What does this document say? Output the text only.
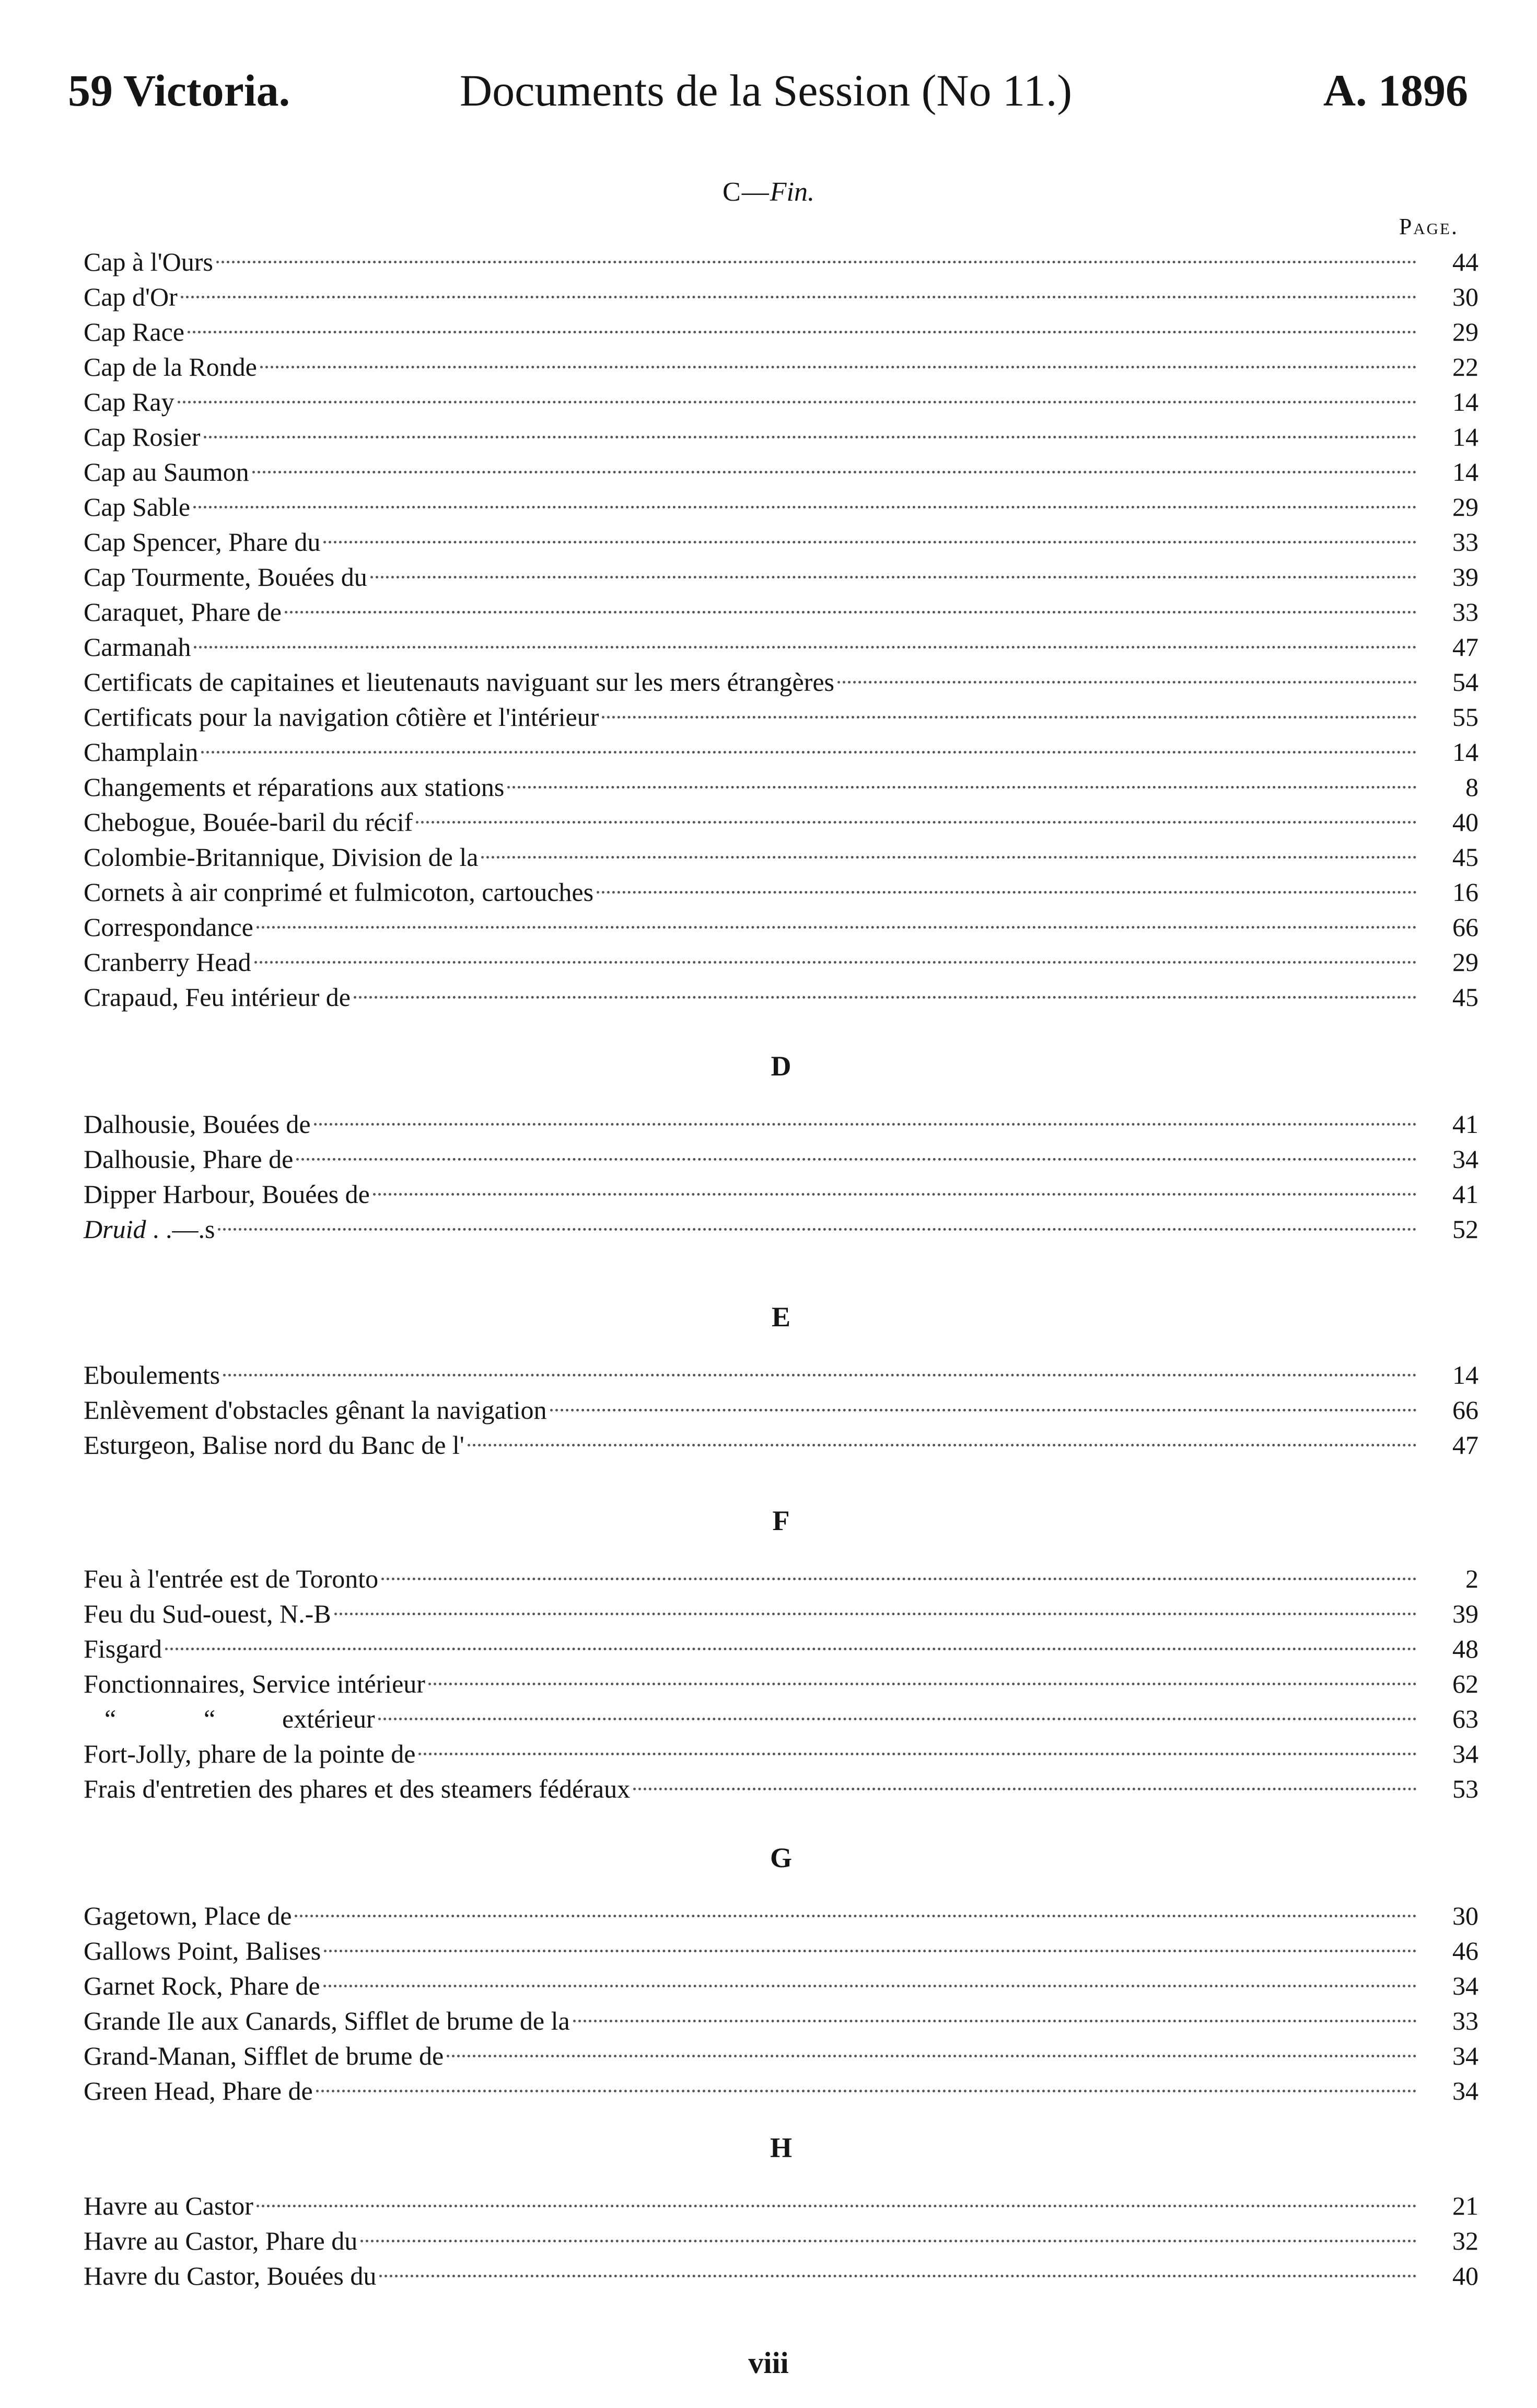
59 Victoria.	Documents de la Session (No 11.)	A. 1896
C—Fin.
Page.
Cap à l'Ours	44
Cap d'Or	30
Cap Race	29
Cap de la Ronde	22
Cap Ray	14
Cap Rosier	14
Cap au Saumon	14
Cap Sable	29
Cap Spencer, Phare du	33
Cap Tourmente, Bouées du	39
Caraquet, Phare de	33
Carmanah	47
Certificats de capitaines et lieutenauts naviguant sur les mers étrangères	54
Certificats pour la navigation côtière et l'intérieur	55
Champlain	14
Changements et réparations aux stations	8
Chebogue, Bouée-baril du récif	40
Colombie-Britannique, Division de la	45
Cornets à air conprimé et fulmicoton, cartouches	16
Correspondance	66
Cranberry Head	29
Crapaud, Feu intérieur de	45
D
Dalhousie, Bouées de	41
Dalhousie, Phare de	34
Dipper Harbour, Bouées de	41
Druid . .—.s	52
E
Eboulements	14
Enlèvement d'obstacles gênant la navigation	66
Esturgeon, Balise nord du Banc de l'	47
F
Feu à l'entrée est de Toronto	2
Feu du Sud-ouest, N.-B	39
Fisgard	48
Fonctionnaires, Service intérieur	62
“	“	extérieur	63
Fort-Jolly, phare de la pointe de	34
Frais d'entretien des phares et des steamers fédéraux	53
G
Gagetown, Place de	30
Gallows Point, Balises	46
Garnet Rock, Phare de	34
Grande Ile aux Canards, Sifflet de brume de la	33
Grand-Manan, Sifflet de brume de	34
Green Head, Phare de	34
H
Havre au Castor	21
Havre au Castor, Phare du	32
Havre du Castor, Bouées du	40
viii
